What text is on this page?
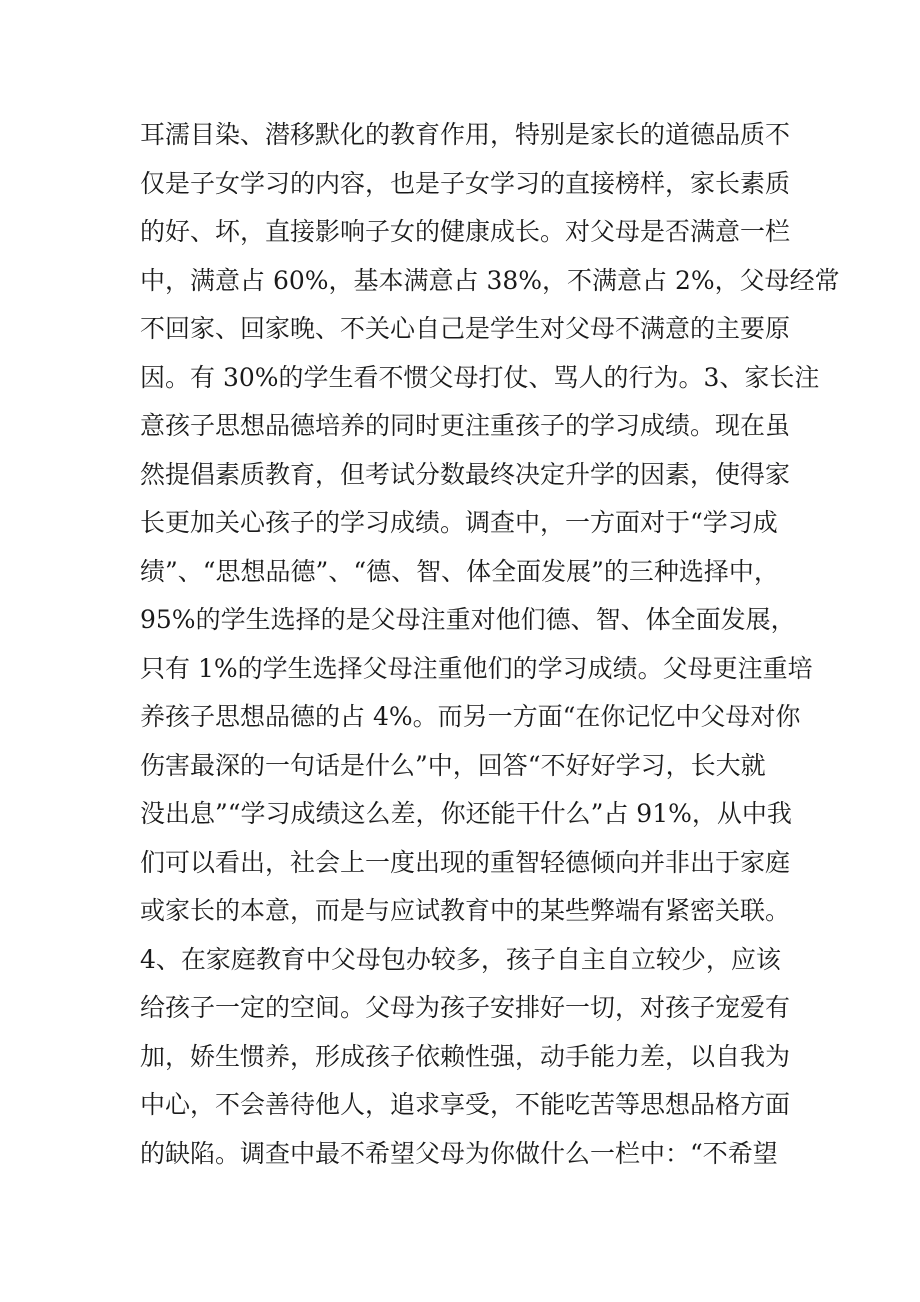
耳濡目染、潜移默化的教育作用，特别是家长的道德品质不
仅是子女学习的内容，也是子女学习的直接榜样，家长素质
的好、坏，直接影响子女的健康成长。对父母是否满意一栏
中，满意占 60%，基本满意占 38%，不满意占 2%，父母经常
不回家、回家晚、不关心自己是学生对父母不满意的主要原
因。有 30%的学生看不惯父母打仗、骂人的行为。3、家长注
意孩子思想品德培养的同时更注重孩子的学习成绩。现在虽
然提倡素质教育，但考试分数最终决定升学的因素，使得家
长更加关心孩子的学习成绩。调查中，一方面对于“学习成
绩”、“思想品德”、“德、智、体全面发展”的三种选择中，
95%的学生选择的是父母注重对他们德、智、体全面发展，
只有 1%的学生选择父母注重他们的学习成绩。父母更注重培
养孩子思想品德的占 4%。而另一方面“在你记忆中父母对你
伤害最深的一句话是什么”中，回答“不好好学习，长大就
没出息”“学习成绩这么差，你还能干什么”占 91%，从中我
们可以看出，社会上一度出现的重智轻德倾向并非出于家庭
或家长的本意，而是与应试教育中的某些弊端有紧密关联。
4、在家庭教育中父母包办较多，孩子自主自立较少，应该
给孩子一定的空间。父母为孩子安排好一切，对孩子宠爱有
加，娇生惯养，形成孩子依赖性强，动手能力差，以自我为
中心，不会善待他人，追求享受，不能吃苦等思想品格方面
的缺陷。调查中最不希望父母为你做什么一栏中：“不希望
